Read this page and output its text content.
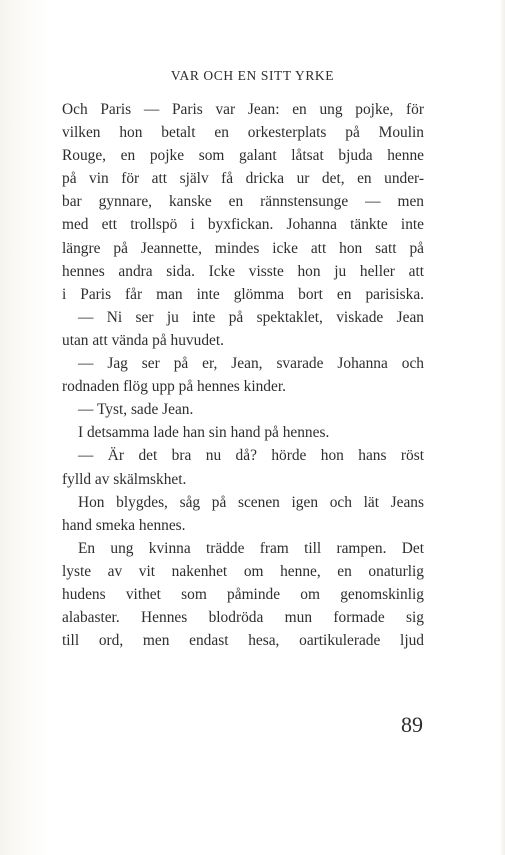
VAR OCH EN SITT YRKE
Och Paris — Paris var Jean: en ung pojke, för
vilken hon betalt en orkesterplats på Moulin
Rouge, en pojke som galant låtsat bjuda henne
på vin för att själv få dricka ur det, en under-
bar gynnare, kanske en rännstensunge — men
med ett trollspö i byxfickan. Johanna tänkte inte
längre på Jeannette, mindes icke att hon satt på
hennes andra sida. Icke visste hon ju heller att
i Paris får man inte glömma bort en parisiska.
— Ni ser ju inte på spektaklet, viskade Jean
utan att vända på huvudet.
— Jag ser på er, Jean, svarade Johanna och
rodnaden flög upp på hennes kinder.
— Tyst, sade Jean.
I detsamma lade han sin hand på hennes.
— Är det bra nu då? hörde hon hans röst
fylld av skälmskhet.
Hon blygdes, såg på scenen igen och lät Jeans
hand smeka hennes.
En ung kvinna trädde fram till rampen. Det
lyste av vit nakenhet om henne, en onaturlig
hudens vithet som påminde om genomskinlig
alabaster. Hennes blodröda mun formade sig
till ord, men endast hesa, oartikulerade ljud
89
